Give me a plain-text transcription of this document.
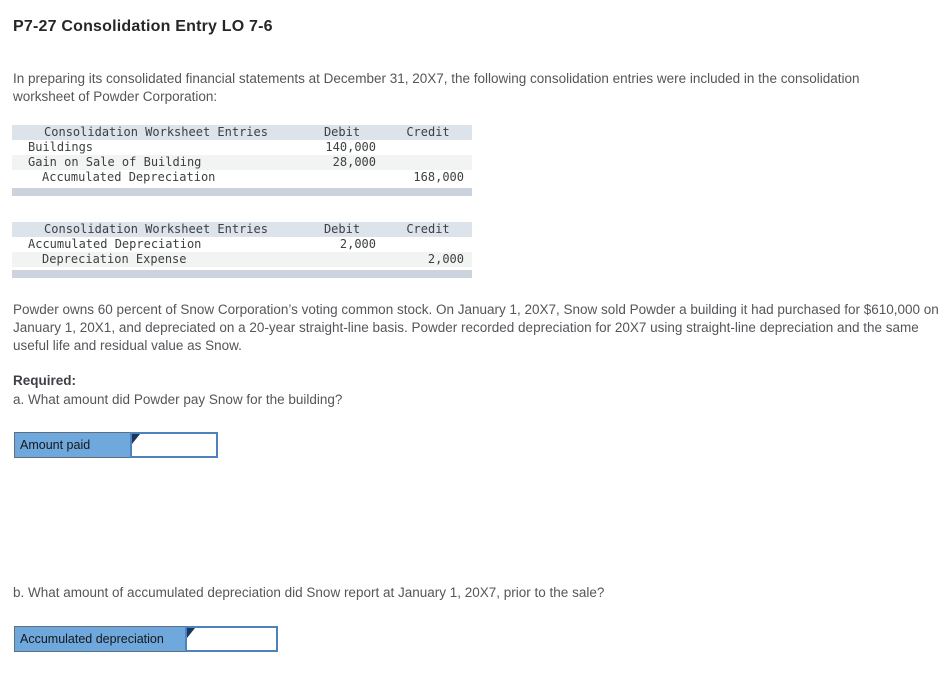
P7-27 Consolidation Entry LO 7-6

In preparing its consolidated financial statements at December 31, 20X7, the following consolidation entries were included in the consolidation worksheet of Powder Corporation:

Consolidation Worksheet Entries	Debit	Credit
Buildings	140,000	
Gain on Sale of Building	28,000	
Accumulated Depreciation		168,000
Consolidation Worksheet Entries	Debit	Credit
Accumulated Depreciation	2,000	
Depreciation Expense		2,000

Powder owns 60 percent of Snow Corporation’s voting common stock. On January 1, 20X7, Snow sold Powder a building it had purchased for $610,000 on January 1, 20X1, and depreciated on a 20-year straight-line basis. Powder recorded depreciation for 20X7 using straight-line depreciation and the same useful life and residual value as Snow.

Required:
a. What amount did Powder pay Snow for the building?
Amount paid
b. What amount of accumulated depreciation did Snow report at January 1, 20X7, prior to the sale?
Accumulated depreciation
